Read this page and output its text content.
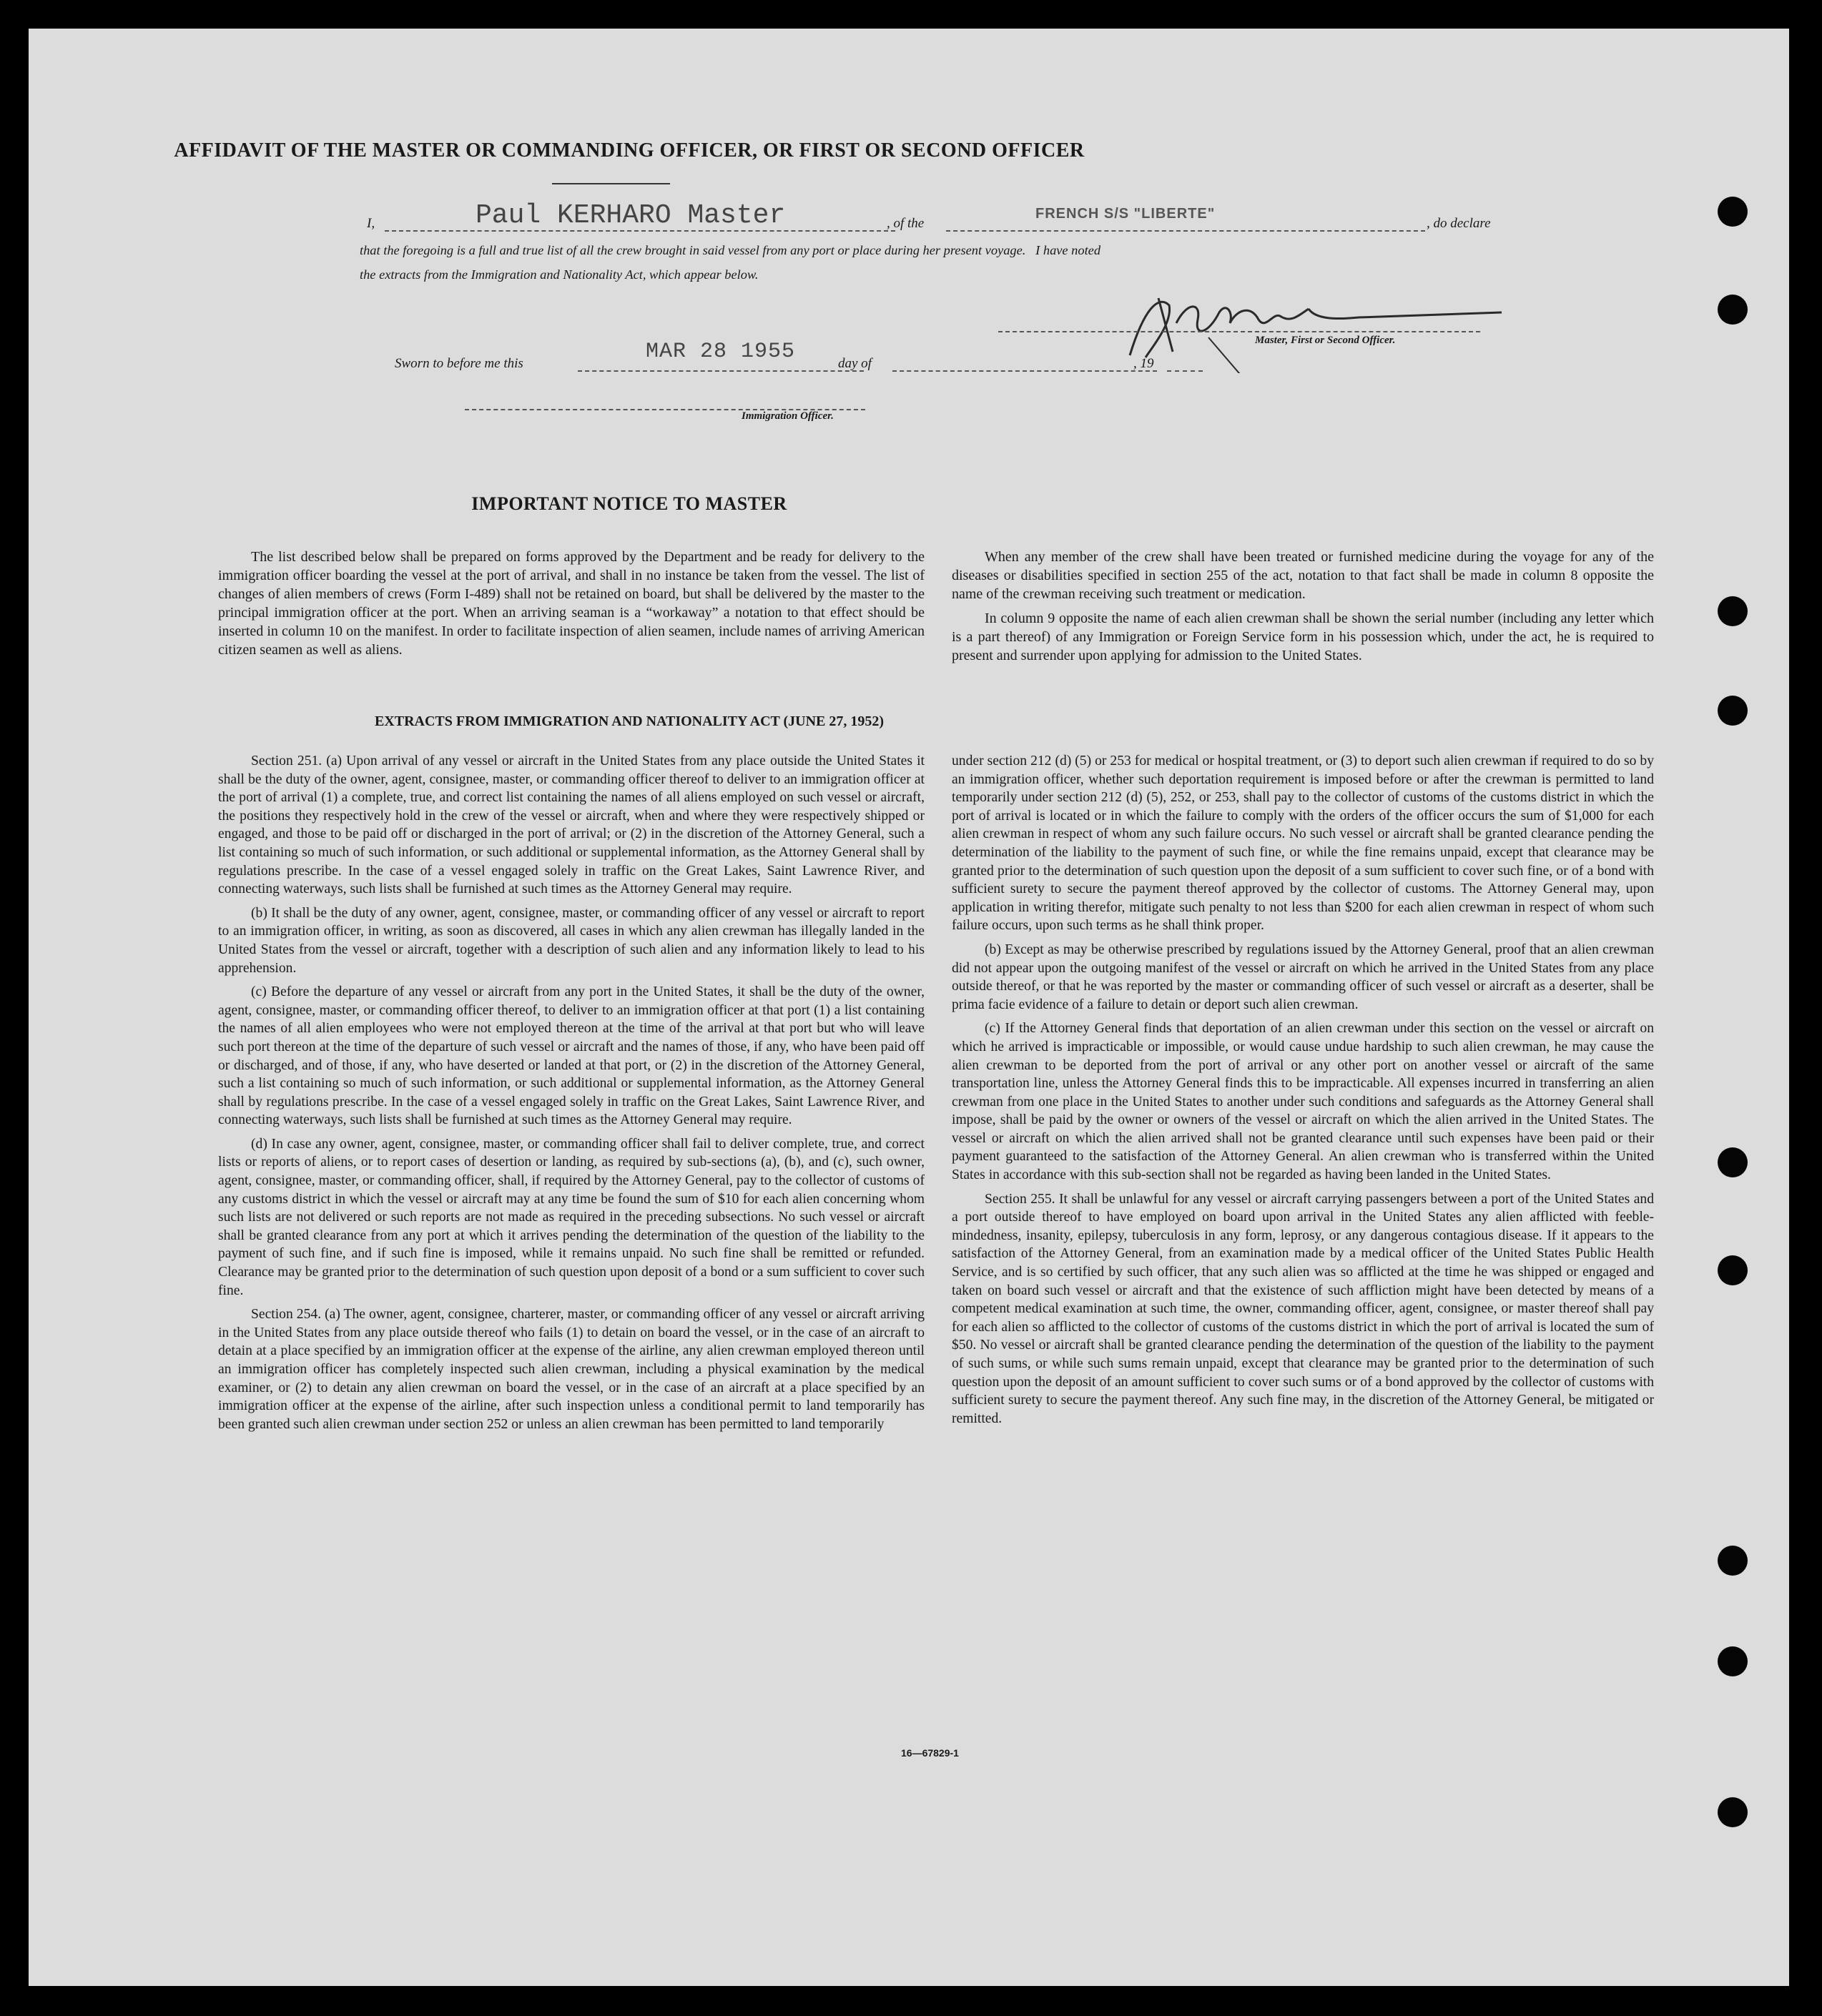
AFFIDAVIT OF THE MASTER OR COMMANDING OFFICER, OR FIRST OR SECOND OFFICER
I,	Paul KERHARO Master	, of the
FRENCH S/S "LIBERTE"
, do declare
that the foregoing is a full and true list of all the crew brought in said vessel from any port or place during her present voyage.   I have noted
the extracts from the Immigration and Nationality Act, which appear below.
Master, First or Second Officer.
Sworn to before me this	MAR 28 1955	day of	, 19
Immigration Officer.
IMPORTANT NOTICE TO MASTER

The list described below shall be prepared on forms approved by the Department and be ready for delivery to the immigration officer boarding the vessel at the port of arrival, and shall in no instance be taken from the vessel. The list of changes of alien members of crews (Form I-489) shall not be retained on board, but shall be delivered by the master to the principal immigration officer at the port. When an arriving seaman is a “workaway” a notation to that effect should be inserted in column 10 on the manifest. In order to facilitate inspection of alien seamen, include names of arriving American citizen seamen as well as aliens.

When any member of the crew shall have been treated or furnished medicine during the voyage for any of the diseases or disabilities specified in section 255 of the act, notation to that fact shall be made in column 8 opposite the name of the crewman receiving such treatment or medication.

In column 9 opposite the name of each alien crewman shall be shown the serial number (including any letter which is a part thereof) of any Immigration or Foreign Service form in his possession which, under the act, he is required to present and surrender upon applying for admission to the United States.

EXTRACTS FROM IMMIGRATION AND NATIONALITY ACT (JUNE 27, 1952)

Section 251. (a) Upon arrival of any vessel or aircraft in the United States from any place outside the United States it shall be the duty of the owner, agent, consignee, master, or commanding officer thereof to deliver to an immigration officer at the port of arrival (1) a complete, true, and correct list containing the names of all aliens employed on such vessel or aircraft, the positions they respectively hold in the crew of the vessel or aircraft, when and where they were respectively shipped or engaged, and those to be paid off or discharged in the port of arrival; or (2) in the discretion of the Attorney General, such a list containing so much of such information, or such additional or supplemental information, as the Attorney General shall by regulations prescribe. In the case of a vessel engaged solely in traffic on the Great Lakes, Saint Lawrence River, and connecting waterways, such lists shall be furnished at such times as the Attorney General may require.

(b) It shall be the duty of any owner, agent, consignee, master, or commanding officer of any vessel or aircraft to report to an immigration officer, in writing, as soon as discovered, all cases in which any alien crewman has illegally landed in the United States from the vessel or aircraft, together with a description of such alien and any information likely to lead to his apprehension.

(c) Before the departure of any vessel or aircraft from any port in the United States, it shall be the duty of the owner, agent, consignee, master, or commanding officer thereof, to deliver to an immigration officer at that port (1) a list containing the names of all alien employees who were not employed thereon at the time of the arrival at that port but who will leave such port thereon at the time of the departure of such vessel or aircraft and the names of those, if any, who have been paid off or discharged, and of those, if any, who have deserted or landed at that port, or (2) in the discretion of the Attorney General, such a list containing so much of such information, or such additional or supplemental information, as the Attorney General shall by regulations prescribe. In the case of a vessel engaged solely in traffic on the Great Lakes, Saint Lawrence River, and connecting waterways, such lists shall be furnished at such times as the Attorney General may require.

(d) In case any owner, agent, consignee, master, or commanding officer shall fail to deliver complete, true, and correct lists or reports of aliens, or to report cases of desertion or landing, as required by sub-sections (a), (b), and (c), such owner, agent, consignee, master, or commanding officer, shall, if required by the Attorney General, pay to the collector of customs of any customs district in which the vessel or aircraft may at any time be found the sum of $10 for each alien concerning whom such lists are not delivered or such reports are not made as required in the preceding subsections. No such vessel or aircraft shall be granted clearance from any port at which it arrives pending the determination of the question of the liability to the payment of such fine, and if such fine is imposed, while it remains unpaid. No such fine shall be remitted or refunded. Clearance may be granted prior to the determination of such question upon deposit of a bond or a sum sufficient to cover such fine.

Section 254. (a) The owner, agent, consignee, charterer, master, or commanding officer of any vessel or aircraft arriving in the United States from any place outside thereof who fails (1) to detain on board the vessel, or in the case of an aircraft to detain at a place specified by an immigration officer at the expense of the airline, any alien crewman employed thereon until an immigration officer has completely inspected such alien crewman, including a physical examination by the medical examiner, or (2) to detain any alien crewman on board the vessel, or in the case of an aircraft at a place specified by an immigration officer at the expense of the airline, after such inspection unless a conditional permit to land temporarily has been granted such alien crewman under section 252 or unless an alien crewman has been permitted to land temporarily

under section 212 (d) (5) or 253 for medical or hospital treatment, or (3) to deport such alien crewman if required to do so by an immigration officer, whether such deportation requirement is imposed before or after the crewman is permitted to land temporarily under section 212 (d) (5), 252, or 253, shall pay to the collector of customs of the customs district in which the port of arrival is located or in which the failure to comply with the orders of the officer occurs the sum of $1,000 for each alien crewman in respect of whom any such failure occurs. No such vessel or aircraft shall be granted clearance pending the determination of the liability to the payment of such fine, or while the fine remains unpaid, except that clearance may be granted prior to the determination of such question upon the deposit of a sum sufficient to cover such fine, or of a bond with sufficient surety to secure the payment thereof approved by the collector of customs. The Attorney General may, upon application in writing therefor, mitigate such penalty to not less than $200 for each alien crewman in respect of whom such failure occurs, upon such terms as he shall think proper.

(b) Except as may be otherwise prescribed by regulations issued by the Attorney General, proof that an alien crewman did not appear upon the outgoing manifest of the vessel or aircraft on which he arrived in the United States from any place outside thereof, or that he was reported by the master or commanding officer of such vessel or aircraft as a deserter, shall be prima facie evidence of a failure to detain or deport such alien crewman.

(c) If the Attorney General finds that deportation of an alien crewman under this section on the vessel or aircraft on which he arrived is impracticable or impossible, or would cause undue hardship to such alien crewman, he may cause the alien crewman to be deported from the port of arrival or any other port on another vessel or aircraft of the same transportation line, unless the Attorney General finds this to be impracticable. All expenses incurred in transferring an alien crewman from one place in the United States to another under such conditions and safeguards as the Attorney General shall impose, shall be paid by the owner or owners of the vessel or aircraft on which the alien arrived in the United States. The vessel or aircraft on which the alien arrived shall not be granted clearance until such expenses have been paid or their payment guaranteed to the satisfaction of the Attorney General. An alien crewman who is transferred within the United States in accordance with this sub-section shall not be regarded as having been landed in the United States.

Section 255. It shall be unlawful for any vessel or aircraft carrying passengers between a port of the United States and a port outside thereof to have employed on board upon arrival in the United States any alien afflicted with feeble-mindedness, insanity, epilepsy, tuberculosis in any form, leprosy, or any dangerous contagious disease. If it appears to the satisfaction of the Attorney General, from an examination made by a medical officer of the United States Public Health Service, and is so certified by such officer, that any such alien was so afflicted at the time he was shipped or engaged and taken on board such vessel or aircraft and that the existence of such affliction might have been detected by means of a competent medical examination at such time, the owner, commanding officer, agent, consignee, or master thereof shall pay for each alien so afflicted to the collector of customs of the customs district in which the port of arrival is located the sum of $50. No vessel or aircraft shall be granted clearance pending the determination of the question of the liability to the payment of such sums, or while such sums remain unpaid, except that clearance may be granted prior to the determination of such question upon the deposit of an amount sufficient to cover such sums or of a bond approved by the collector of customs with sufficient surety to secure the payment thereof. Any such fine may, in the discretion of the Attorney General, be mitigated or remitted.

16—67829-1
